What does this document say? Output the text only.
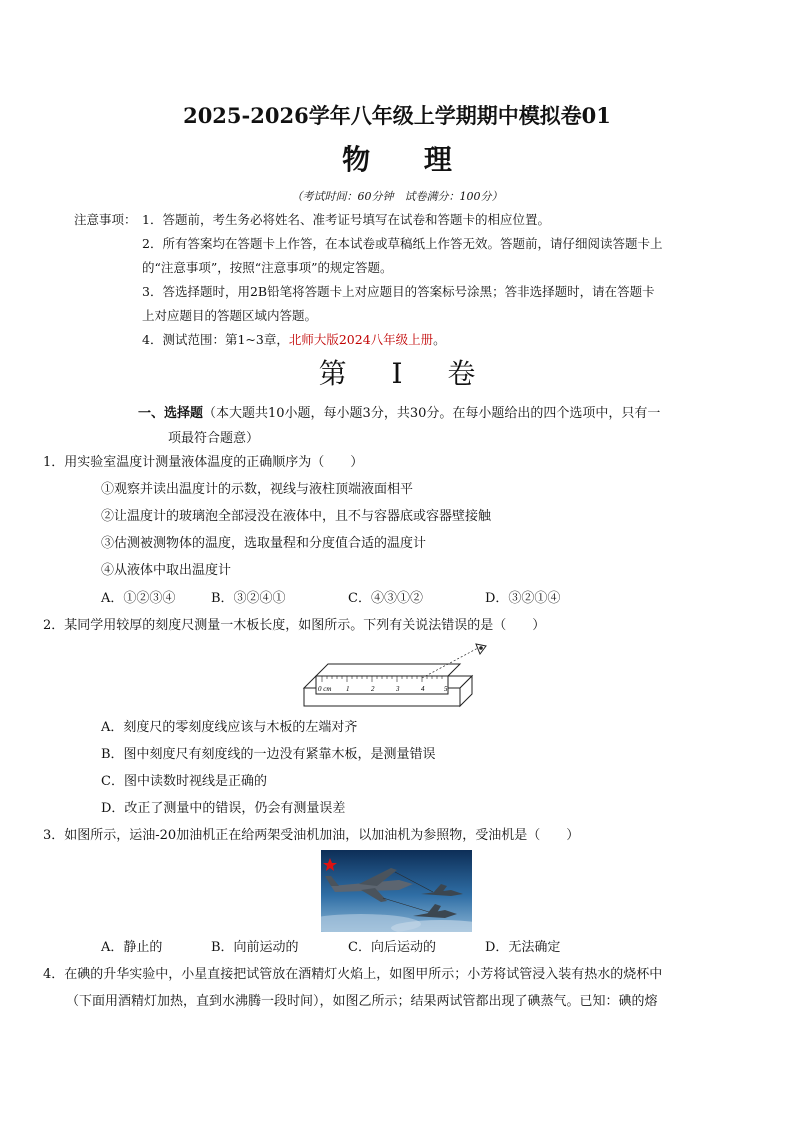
2025-2026学年八年级上学期期中模拟卷01
物 理
（考试时间：60分钟　试卷满分：100分）
注意事项： 1．答题前，考生务必将姓名、准考证号填写在试卷和答题卡的相应位置。
2．所有答案均在答题卡上作答，在本试卷或草稿纸上作答无效。答题前，请仔细阅读答题卡上
的“注意事项”，按照“注意事项”的规定答题。
3．答选择题时，用2B铅笔将答题卡上对应题目的答案标号涂黑；答非选择题时，请在答题卡
上对应题目的答题区域内答题。
4．测试范围：第1~3章，北师大版2024八年级上册。
第 I 卷
一、选择题（本大题共10小题，每小题3分，共30分。在每小题给出的四个选项中，只有一
项最符合题意）
1．用实验室温度计测量液体温度的正确顺序为（　　）
①观察并读出温度计的示数，视线与液柱顶端液面相平
②让温度计的玻璃泡全部浸没在液体中，且不与容器底或容器壁接触
③估测被测物体的温度，选取量程和分度值合适的温度计
④从液体中取出温度计
A．①②③④	B．③②④①	C．④③①②	D．③②①④
2．某同学用较厚的刻度尺测量一木板长度，如图所示。下列有关说法错误的是（　　）
0 cm 1	2	3	4	5
A．刻度尺的零刻度线应该与木板的左端对齐
B．图中刻度尺有刻度线的一边没有紧靠木板，是测量错误
C．图中读数时视线是正确的
D．改正了测量中的错误，仍会有测量误差
3．如图所示，运油-20加油机正在给两架受油机加油，以加油机为参照物，受油机是（　　）
A．静止的	B．向前运动的	C．向后运动的	D．无法确定
4．在碘的升华实验中，小星直接把试管放在酒精灯火焰上，如图甲所示；小芳将试管浸入装有热水的烧杯中
（下面用酒精灯加热，直到水沸腾一段时间），如图乙所示；结果两试管都出现了碘蒸气。已知：碘的熔
